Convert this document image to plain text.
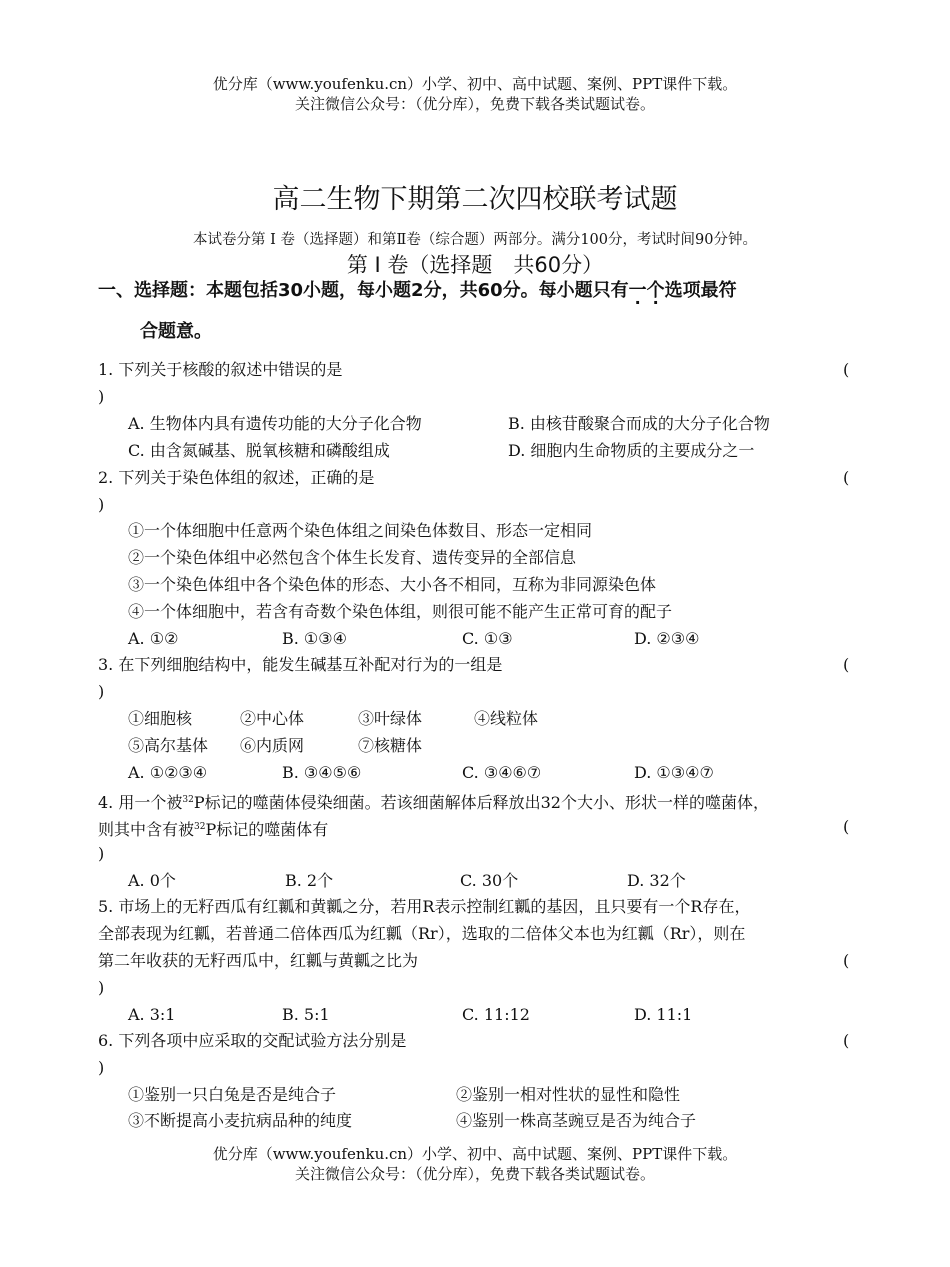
优分库（www.youfenku.cn）小学、初中、高中试题、案例、PPT课件下载。
关注微信公众号：（优分库），免费下载各类试题试卷。
高二生物下期第二次四校联考试题
本试卷分第 Ⅰ 卷（选择题）和第Ⅱ卷（综合题）两部分。满分100分，考试时间90分钟。
第 Ⅰ 卷（选择题　共60分）
一、选择题：本题包括30小题，每小题2分，共60分。每小题只有一个选项最符
合题意。
1. 下列关于核酸的叙述中错误的是	(
)
A. 生物体内具有遗传功能的大分子化合物	B. 由核苷酸聚合而成的大分子化合物
C. 由含氮碱基、脱氧核糖和磷酸组成	D. 细胞内生命物质的主要成分之一
2. 下列关于染色体组的叙述，正确的是	(
)
①一个体细胞中任意两个染色体组之间染色体数目、形态一定相同
②一个染色体组中必然包含个体生长发育、遗传变异的全部信息
③一个染色体组中各个染色体的形态、大小各不相同，互称为非同源染色体
④一个体细胞中，若含有奇数个染色体组，则很可能不能产生正常可育的配子
A. ①②	B. ①③④	C. ①③	D. ②③④
3. 在下列细胞结构中，能发生碱基互补配对行为的一组是	(
)
①细胞核	②中心体	③叶绿体	④线粒体
⑤高尔基体 ⑥内质网	⑦核糖体
A. ①②③④	B. ③④⑤⑥	C. ③④⑥⑦	D. ①③④⑦
4. 用一个被$^{32}$P标记的噬菌体侵染细菌。若该细菌解体后释放出32个大小、形状一样的噬菌体，
则其中含有被$^{32}$P标记的噬菌体有	(
)
A. 0个	B. 2个	C. 30个	D. 32个
5. 市场上的无籽西瓜有红瓤和黄瓤之分，若用R表示控制红瓤的基因，且只要有一个R存在，
全部表现为红瓤，若普通二倍体西瓜为红瓤（Rr），选取的二倍体父本也为红瓤（Rr），则在
第二年收获的无籽西瓜中，红瓤与黄瓤之比为	(
)
A. 3:1	B. 5:1	C. 11:12	D. 11:1
6. 下列各项中应采取的交配试验方法分别是	(
)
①鉴别一只白兔是否是纯合子	②鉴别一相对性状的显性和隐性
③不断提高小麦抗病品种的纯度	④鉴别一株高茎豌豆是否为纯合子
优分库（www.youfenku.cn）小学、初中、高中试题、案例、PPT课件下载。
关注微信公众号：（优分库），免费下载各类试题试卷。
